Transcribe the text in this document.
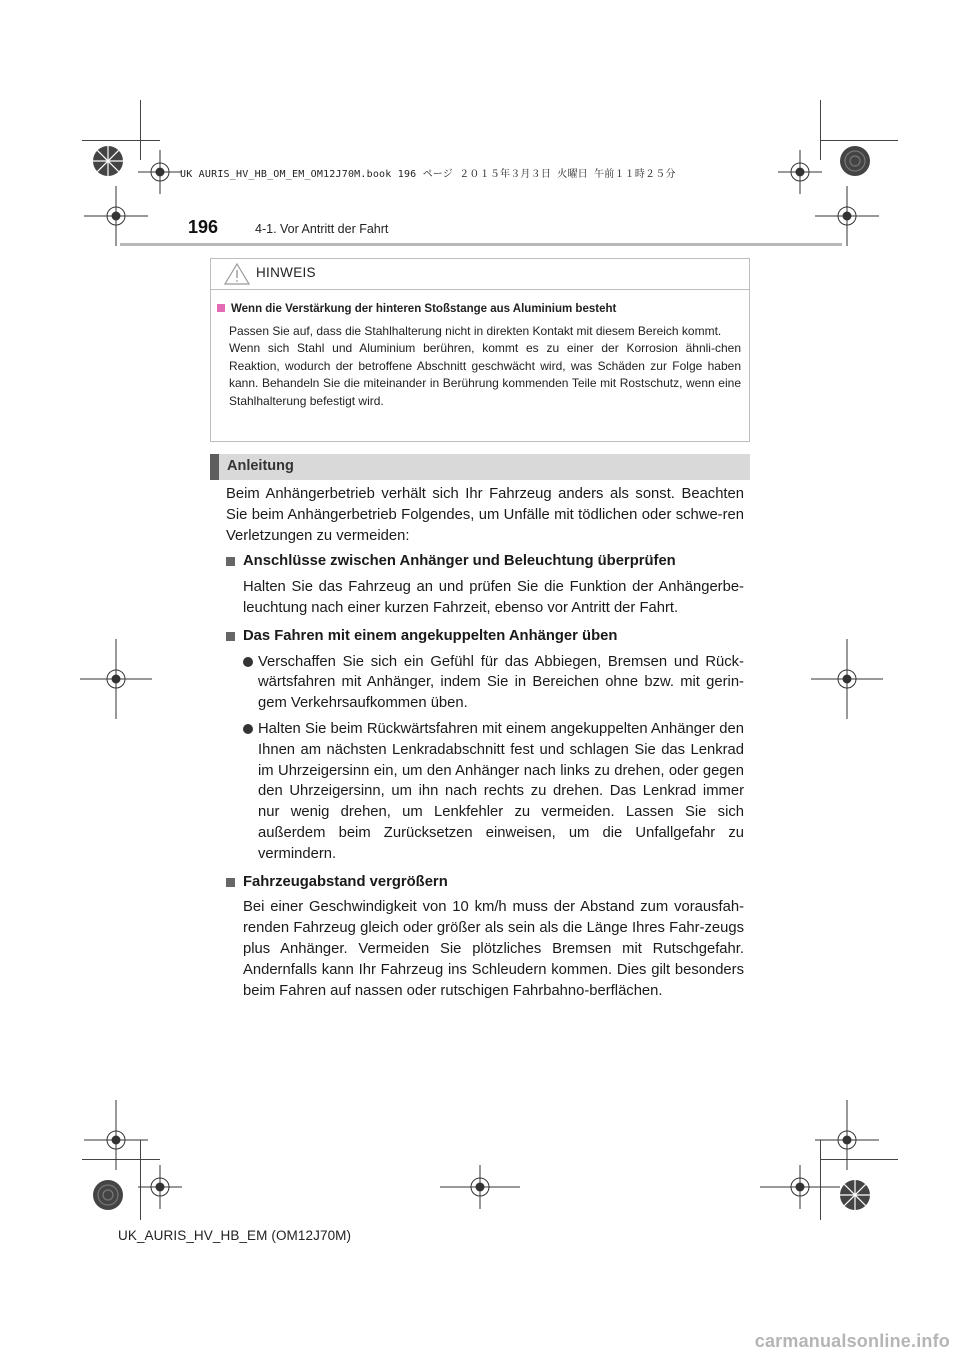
UK AURIS_HV_HB_OM_EM_OM12J70M.book 196 ページ ２０１５年３月３日 火曜日 午前１１時２５分
196	4-1. Vor Antritt der Fahrt
HINWEIS
Wenn die Verstärkung der hinteren Stoßstange aus Aluminium besteht

Passen Sie auf, dass die Stahlhalterung nicht in direkten Kontakt mit diesem Bereich kommt.
Wenn sich Stahl und Aluminium berühren, kommt es zu einer der Korrosion ähnli-chen Reaktion, wodurch der betroffene Abschnitt geschwächt wird, was Schäden zur Folge haben kann. Behandeln Sie die miteinander in Berührung kommenden Teile mit Rostschutz, wenn eine Stahlhalterung befestigt wird.

Anleitung

Beim Anhängerbetrieb verhält sich Ihr Fahrzeug anders als sonst. Beachten Sie beim Anhängerbetrieb Folgendes, um Unfälle mit tödlichen oder schwe-ren Verletzungen zu vermeiden:

Anschlüsse zwischen Anhänger und Beleuchtung überprüfen

Halten Sie das Fahrzeug an und prüfen Sie die Funktion der Anhängerbe-leuchtung nach einer kurzen Fahrzeit, ebenso vor Antritt der Fahrt.

Das Fahren mit einem angekuppelten Anhänger üben

Verschaffen Sie sich ein Gefühl für das Abbiegen, Bremsen und Rück-wärtsfahren mit Anhänger, indem Sie in Bereichen ohne bzw. mit gerin-gem Verkehrsaufkommen üben.

Halten Sie beim Rückwärtsfahren mit einem angekuppelten Anhänger den Ihnen am nächsten Lenkradabschnitt fest und schlagen Sie das Lenkrad im Uhrzeigersinn ein, um den Anhänger nach links zu drehen, oder gegen den Uhrzeigersinn, um ihn nach rechts zu drehen. Das Lenkrad immer nur wenig drehen, um Lenkfehler zu vermeiden. Lassen Sie sich außerdem beim Zurücksetzen einweisen, um die Unfallgefahr zu vermindern.

Fahrzeugabstand vergrößern

Bei einer Geschwindigkeit von 10 km/h muss der Abstand zum vorausfah-renden Fahrzeug gleich oder größer als sein als die Länge Ihres Fahr-zeugs plus Anhänger. Vermeiden Sie plötzliches Bremsen mit Rutschgefahr. Andernfalls kann Ihr Fahrzeug ins Schleudern kommen. Dies gilt besonders beim Fahren auf nassen oder rutschigen Fahrbahno-berflächen.

UK_AURIS_HV_HB_EM (OM12J70M)
carmanualsonline.info
